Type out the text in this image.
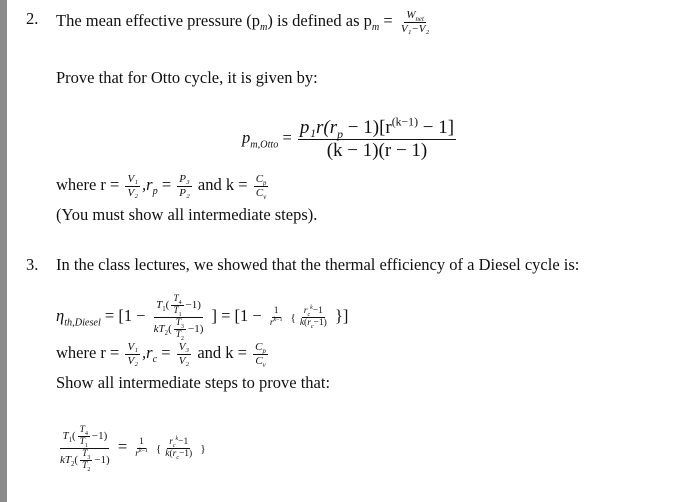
2. The mean effective pressure $(p_m)$ is defined as $p_m = \frac{W_{net}}{\text{V₁−V₂}}$
Prove that for Otto cycle, it is given by:
$p_{m,Otto} = \frac{p_1r(r_p - 1)[r^{(k-1)} - 1]}{(k - 1)(r - 1)}$
where $r = \frac{\text{V₁}}{\text{V₂}} ,r_p = \frac{\text{P₃}}{\text{P₂}}$ and $k = \frac{C_p}{C_v}$
(You must show all intermediate steps).
3. In the class lectures, we showed that the thermal efficiency of a Diesel cycle is:
$\eta_{th,Diesel} = [1 - \frac{T_1( \frac{T_4}{T_1} -1)}{kT_2( \frac{T_3}{T_2} -1)}$ ] = [$1 - \frac{1}{r^{k-1}}$ { $\frac{r_c^k-1}{k(r_c-1)}$ }]
where $r = \frac{\text{V₁}}{\text{V₂}} ,r_c = \frac{\text{V₃}}{\text{V₂}}$ and $k = \frac{C_p}{C_v}$
Show all intermediate steps to prove that:
$\frac{T_1( \frac{T_4}{T_1} -1)}{kT_2( \frac{T_3}{T_2} -1)} = \frac{1}{r^{k-1}}$ { $\frac{r_c^k-1}{k(r_c-1)}$ }
